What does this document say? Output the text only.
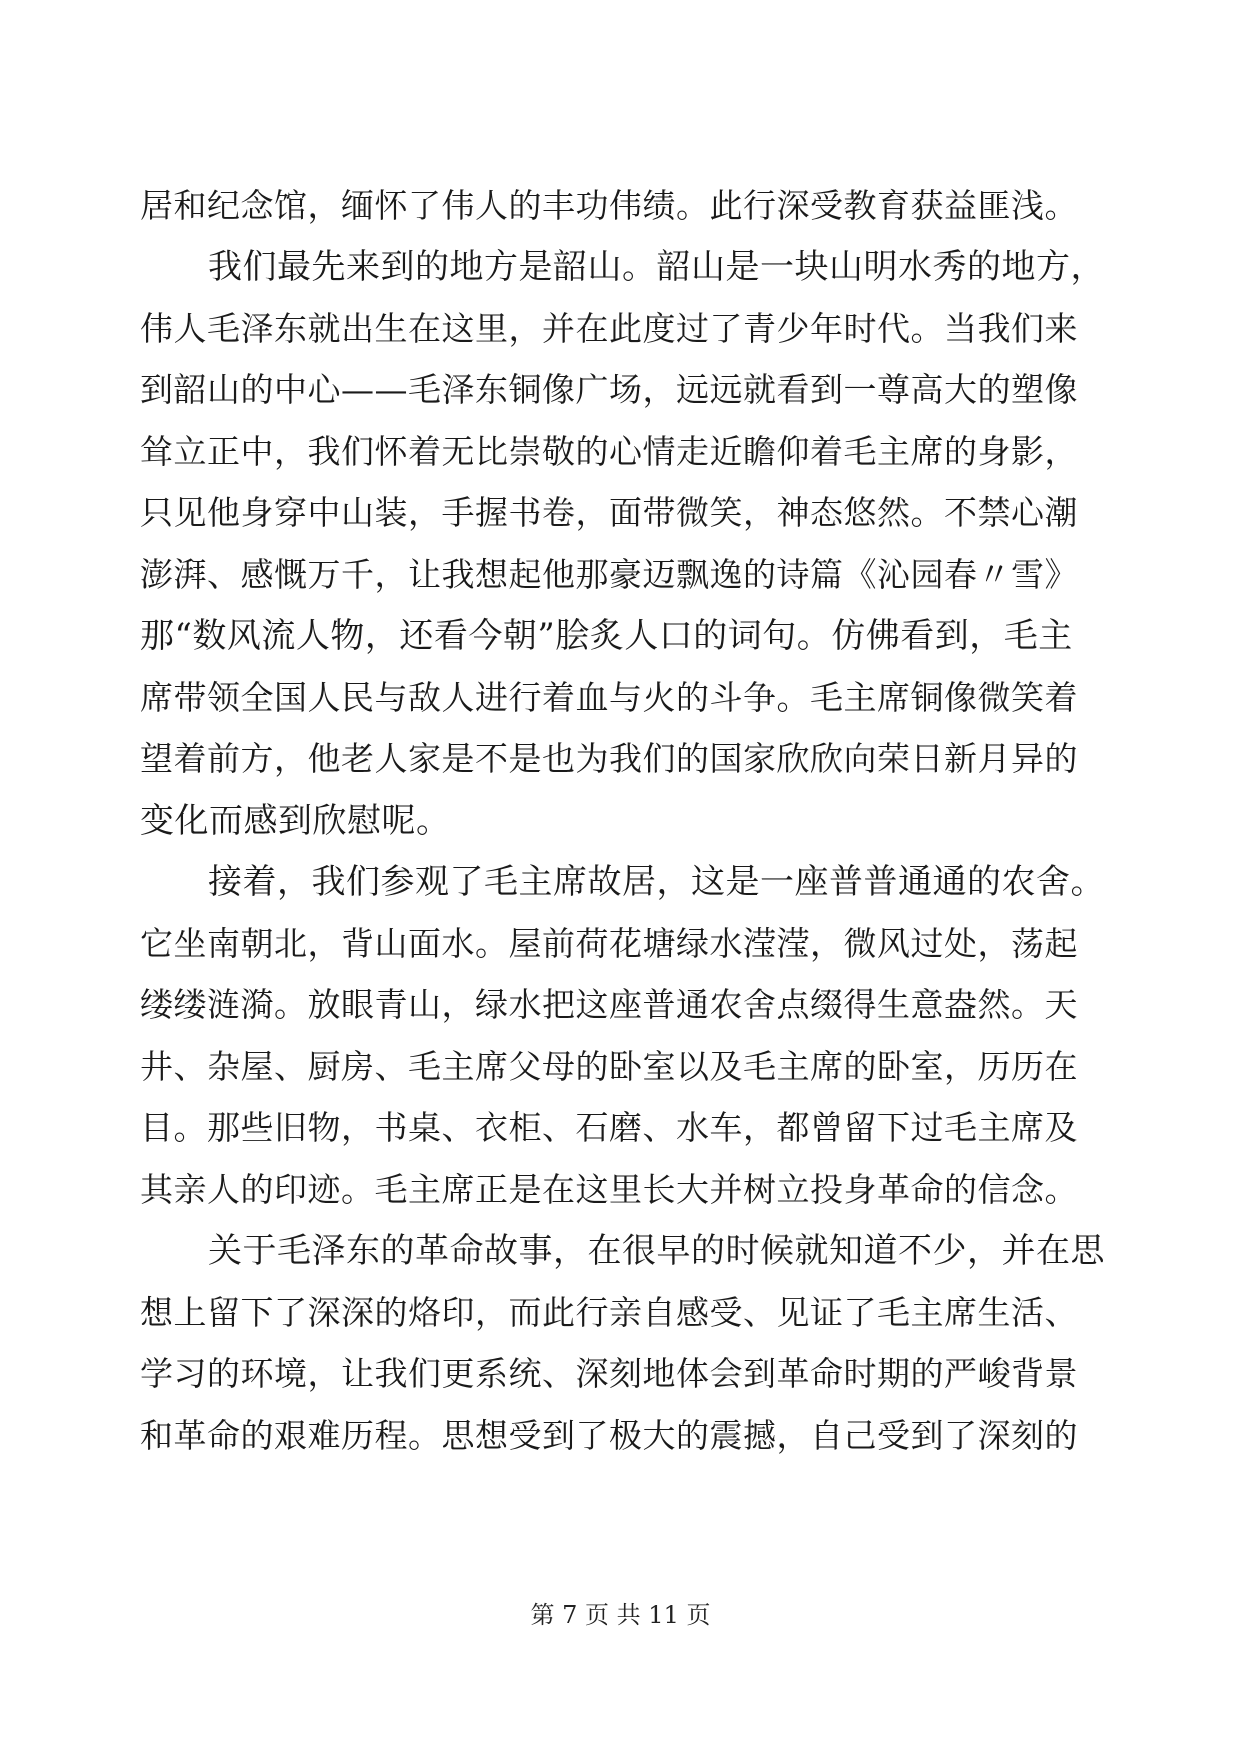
居和纪念馆，缅怀了伟人的丰功伟绩。此行深受教育获益匪浅。
我们最先来到的地方是韶山。韶山是一块山明水秀的地方，
伟人毛泽东就出生在这里，并在此度过了青少年时代。当我们来
到韶山的中心——毛泽东铜像广场，远远就看到一尊高大的塑像
耸立正中，我们怀着无比崇敬的心情走近瞻仰着毛主席的身影，
只见他身穿中山装，手握书卷，面带微笑，神态悠然。不禁心潮
澎湃、感慨万千，让我想起他那豪迈飘逸的诗篇《沁园春〃雪》
那“数风流人物，还看今朝”脍炙人口的词句。仿佛看到，毛主
席带领全国人民与敌人进行着血与火的斗争。毛主席铜像微笑着
望着前方，他老人家是不是也为我们的国家欣欣向荣日新月异的
变化而感到欣慰呢。
接着，我们参观了毛主席故居，这是一座普普通通的农舍。
它坐南朝北，背山面水。屋前荷花塘绿水滢滢，微风过处，荡起
缕缕涟漪。放眼青山，绿水把这座普通农舍点缀得生意盎然。天
井、杂屋、厨房、毛主席父母的卧室以及毛主席的卧室，历历在
目。那些旧物，书桌、衣柜、石磨、水车，都曾留下过毛主席及
其亲人的印迹。毛主席正是在这里长大并树立投身革命的信念。
关于毛泽东的革命故事，在很早的时候就知道不少，并在思
想上留下了深深的烙印，而此行亲自感受、见证了毛主席生活、
学习的环境，让我们更系统、深刻地体会到革命时期的严峻背景
和革命的艰难历程。思想受到了极大的震撼，自己受到了深刻的
第 7 页 共 11 页
